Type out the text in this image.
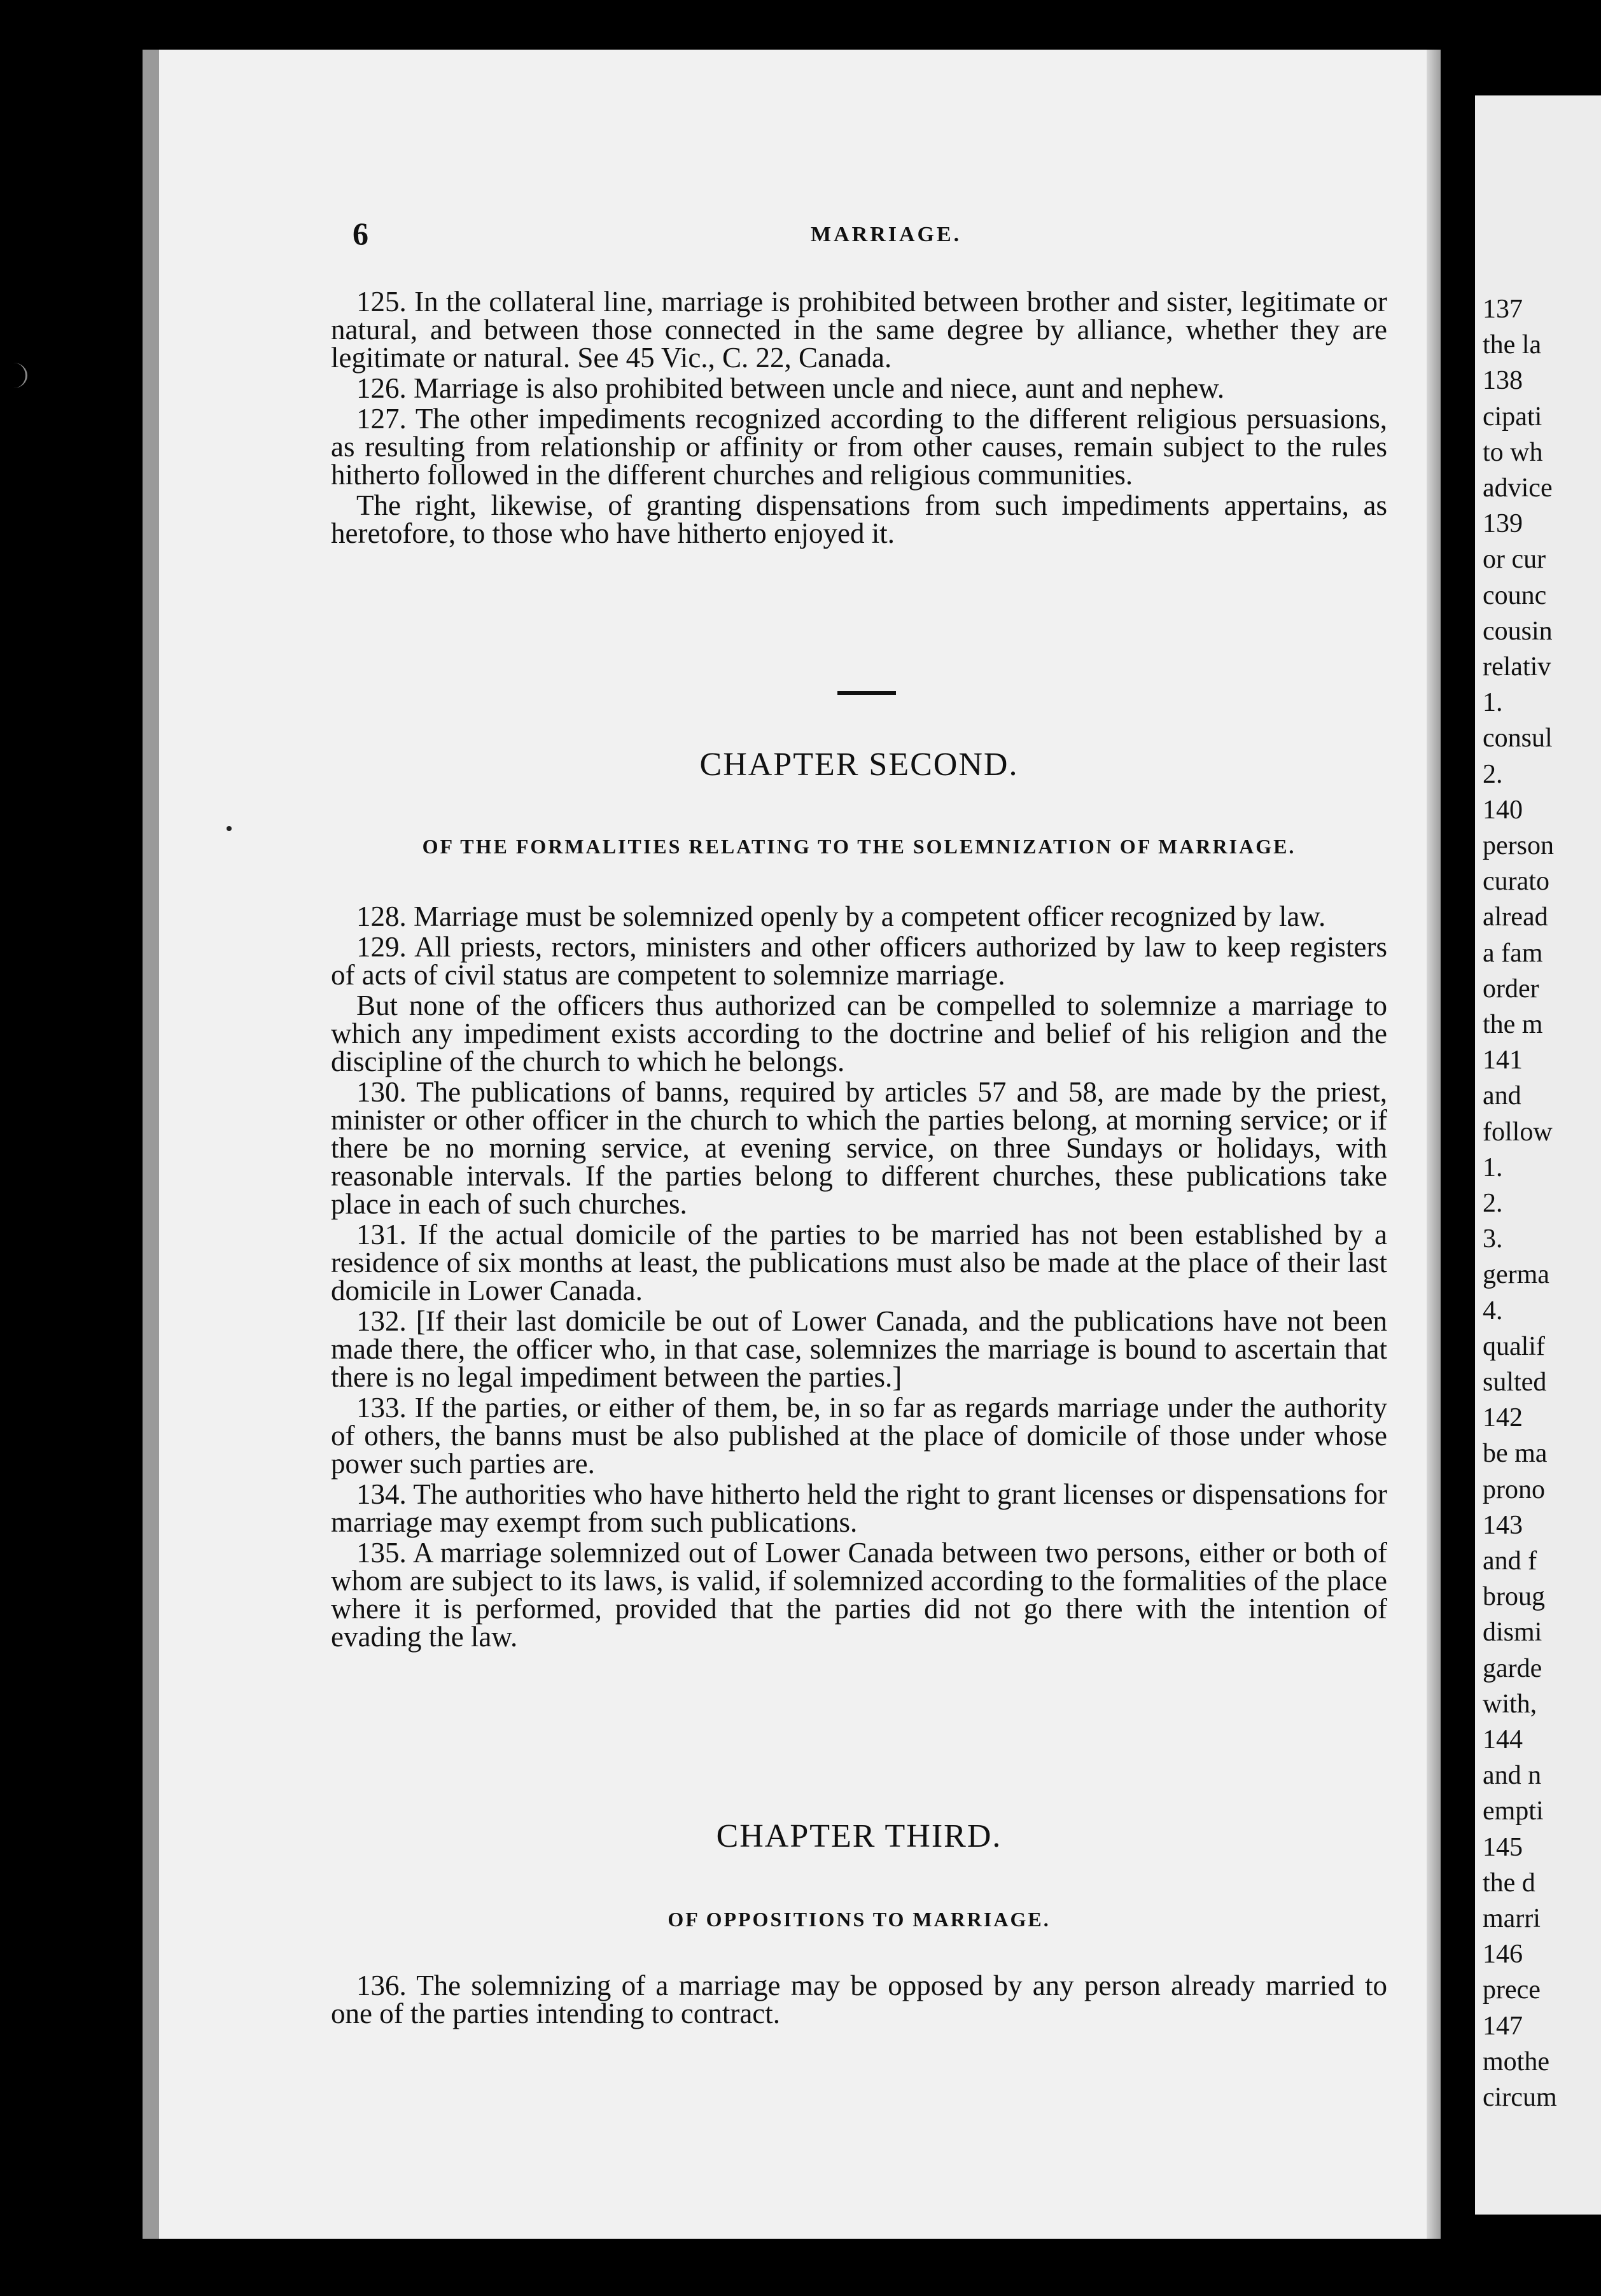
6	MARRIAGE.

125. In the collateral line, marriage is prohibited between brother and sister, legitimate or natural, and between those connected in the same degree by alliance, whether they are legitimate or natural. See 45 Vic., C. 22, Canada.

126. Marriage is also prohibited between uncle and niece, aunt and nephew.

127. The other impediments recognized according to the different religious persuasions, as resulting from relationship or affinity or from other causes, remain subject to the rules hitherto followed in the different churches and religious communities.

The right, likewise, of granting dispensations from such impediments appertains, as heretofore, to those who have hitherto enjoyed it.

CHAPTER SECOND.
OF THE FORMALITIES RELATING TO THE SOLEMNIZATION OF MARRIAGE.

128. Marriage must be solemnized openly by a competent officer recognized by law.

129. All priests, rectors, ministers and other officers authorized by law to keep registers of acts of civil status are competent to solemnize marriage.

But none of the officers thus authorized can be compelled to solemnize a marriage to which any impediment exists according to the doctrine and belief of his religion and the discipline of the church to which he belongs.

130. The publications of banns, required by articles 57 and 58, are made by the priest, minister or other officer in the church to which the parties belong, at morning service; or if there be no morning service, at evening service, on three Sundays or holidays, with reasonable intervals. If the parties belong to different churches, these publications take place in each of such churches.

131. If the actual domicile of the parties to be married has not been established by a residence of six months at least, the publications must also be made at the place of their last domicile in Lower Canada.

132. [If their last domicile be out of Lower Canada, and the publications have not been made there, the officer who, in that case, solemnizes the marriage is bound to ascertain that there is no legal impediment between the parties.]

133. If the parties, or either of them, be, in so far as regards marriage under the authority of others, the banns must be also published at the place of domicile of those under whose power such parties are.

134. The authorities who have hitherto held the right to grant licenses or dispensations for marriage may exempt from such publications.

135. A marriage solemnized out of Lower Canada between two persons, either or both of whom are subject to its laws, is valid, if solemnized according to the formalities of the place where it is performed, provided that the parties did not go there with the intention of evading the law.

CHAPTER THIRD.
OF OPPOSITIONS TO MARRIAGE.

136. The solemnizing of a marriage may be opposed by any person already married to one of the parties intending to contract.

137
the la
138
cipati
to wh
advice
139
or cur
counc
cousin
relativ
1.
consul
2.
140
person
curato
alread
a fam
order
the m
141
and
follow
1.
2.
3.
germa
4.
qualif
sulted
142
be ma
prono
143
and f
broug
dismi
garde
with,
144
and n
empti
145
the d
marri
146
prece
147
mothe
circum
